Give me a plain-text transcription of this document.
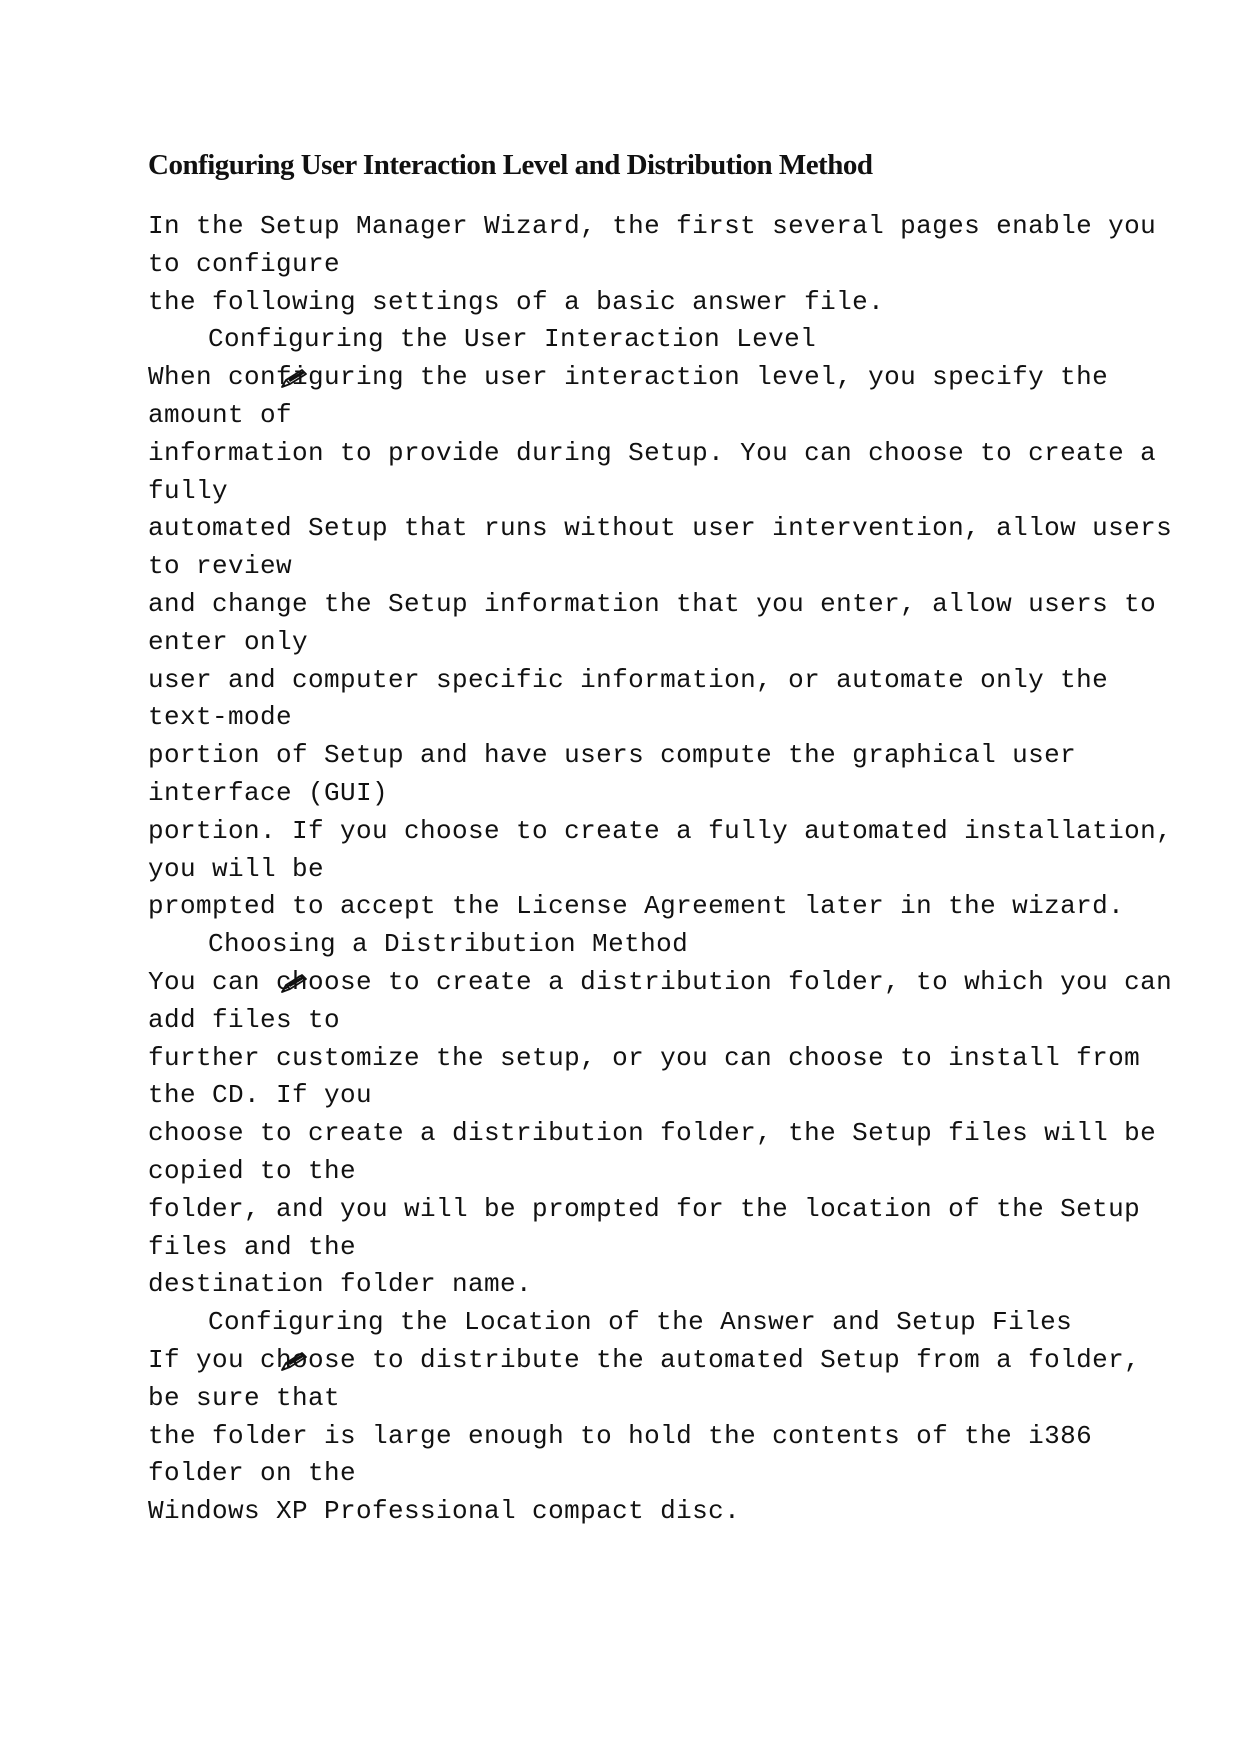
Configuring User Interaction Level and Distribution Method
In the Setup Manager Wizard, the first several pages enable you
to configure
the following settings of a basic answer file.

Configuring the User Interaction Level
When configuring the user interaction level, you specify the
amount of
information to provide during Setup. You can choose to create a
fully
automated Setup that runs without user intervention, allow users
to review
and change the Setup information that you enter, allow users to
enter only
user and computer specific information, or automate only the
text-mode
portion of Setup and have users compute the graphical user
interface (GUI)
portion. If you choose to create a fully automated installation,
you will be
prompted to accept the License Agreement later in the wizard.

Choosing a Distribution Method
You can choose to create a distribution folder, to which you can
add files to
further customize the setup, or you can choose to install from
the CD. If you
choose to create a distribution folder, the Setup files will be
copied to the
folder, and you will be prompted for the location of the Setup
files and the
destination folder name.

Configuring the Location of the Answer and Setup Files
If you choose to distribute the automated Setup from a folder,
be sure that
the folder is large enough to hold the contents of the i386
folder on the
Windows XP Professional compact disc.
